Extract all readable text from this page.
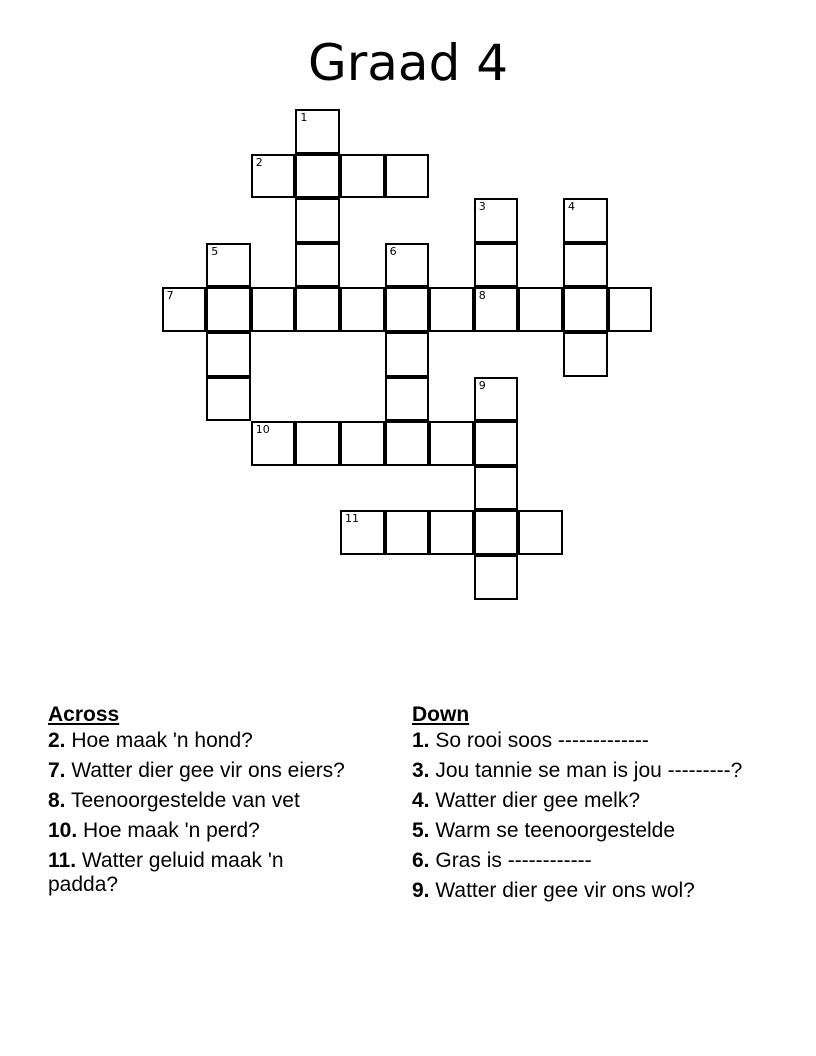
Graad 4
1
2
3	4
5	6
7	8
9
10
11
Across
2. Hoe maak 'n hond?
7. Watter dier gee vir ons eiers?
8. Teenoorgestelde van vet
10. Hoe maak 'n perd?
11. Watter geluid maak 'n padda?
Down
1. So rooi soos -------------
3. Jou tannie se man is jou ---------?
4. Watter dier gee melk?
5. Warm se teenoorgestelde
6. Gras is ------------
9. Watter dier gee vir ons wol?
